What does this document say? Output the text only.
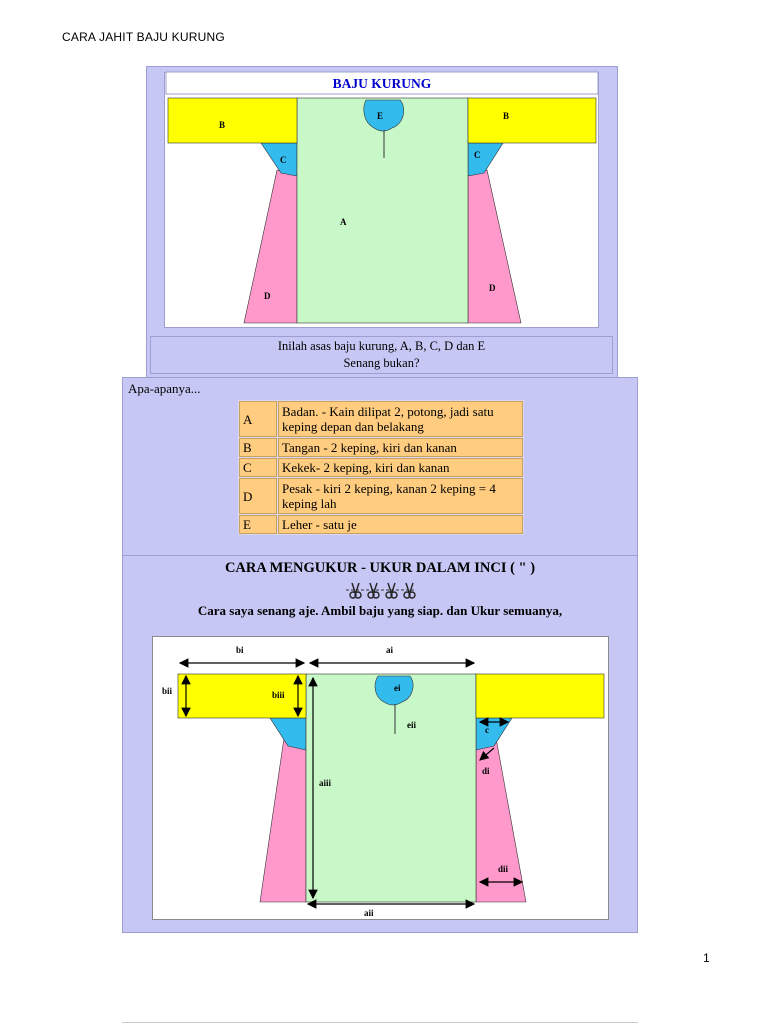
CARA JAHIT BAJU KURUNG
Inilah asas baju kurung, A, B, C, D dan E
Senang bukan?
BAJU KURUNG
B
B
E
C	C
A
D
D
Apa-apanya...
A	Badan. - Kain dilipat 2, potong, jadi satu keping depan dan belakang
B	Tangan - 2 keping, kiri dan kanan
C	Kekek- 2 keping, kiri dan kanan
D	Pesak - kiri 2 keping, kanan 2 keping = 4 keping lah
E	Leher - satu je
CARA MENGUKUR - UKUR DALAM INCI ( " )
Cara saya senang aje. Ambil baju yang siap. dan Ukur semuanya,
bi	ai
bii	biii
ei
eii	c
di
aiii
dii
aii
1
